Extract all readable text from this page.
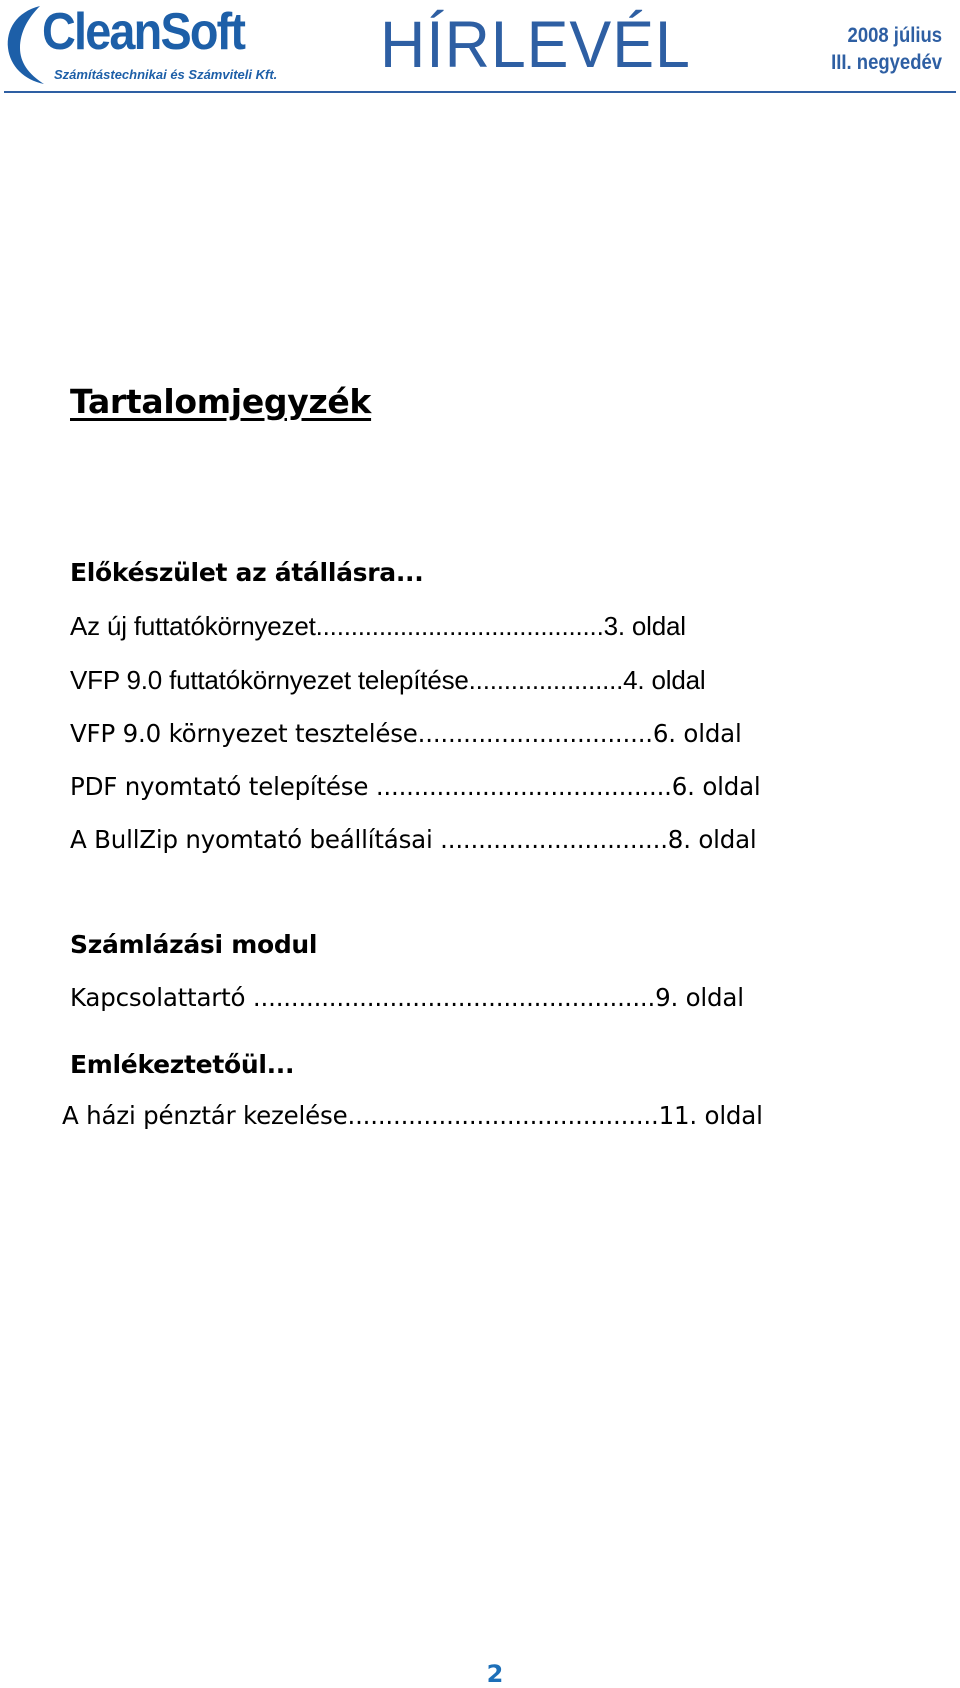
CleanSoft
Számítástechnikai és Számviteli Kft. HÍRLEVÉL	2008 július
III. negyedév
Tartalomjegyzék
Előkészület az átállásra...
Az új futtatókörnyezet.........................................3. oldal
VFP 9.0 futtatókörnyezet telepítése......................4. oldal
VFP 9.0 környezet tesztelése...............................6. oldal
PDF nyomtató telepítése .......................................6. oldal
A BullZip nyomtató beállításai ..............................8. oldal
Számlázási modul
Kapcsolattartó .....................................................9. oldal
Emlékeztetőül...
A házi pénztár kezelése.........................................11. oldal
2
